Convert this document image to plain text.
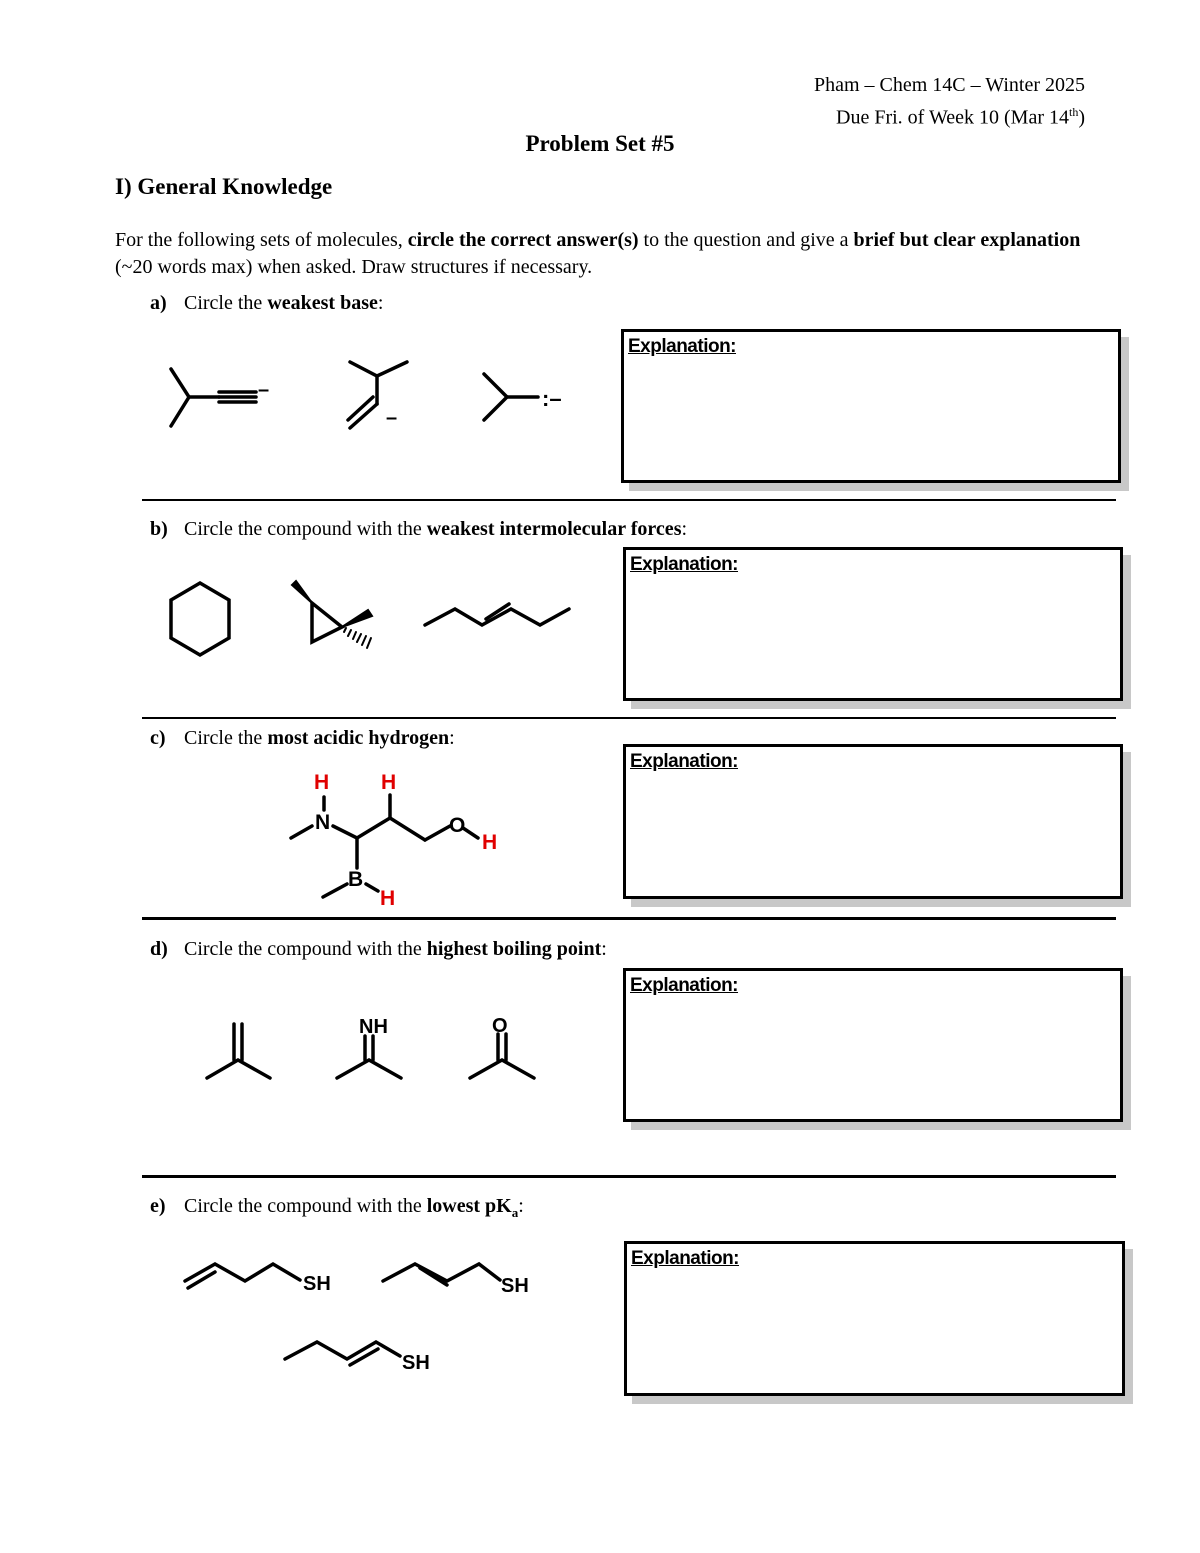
Pham – Chem 14C – Winter 2025
Due Fri. of Week 10 (Mar 14th)
Problem Set #5
I) General Knowledge
For the following sets of molecules, circle the correct answer(s) to the question and give a brief but clear explanation (~20 words max) when asked. Draw structures if necessary.
a) Circle the weakest base:
b) Circle the compound with the weakest intermolecular forces:
c) Circle the most acidic hydrogen:
d) Circle the compound with the highest boiling point:
e) Circle the compound with the lowest $pK_a$:
Explanation:
Explanation:
Explanation:
Explanation:
Explanation:
–
–
:–
N	O
B
H H
H
H
NH	O
SH	SH
SH
